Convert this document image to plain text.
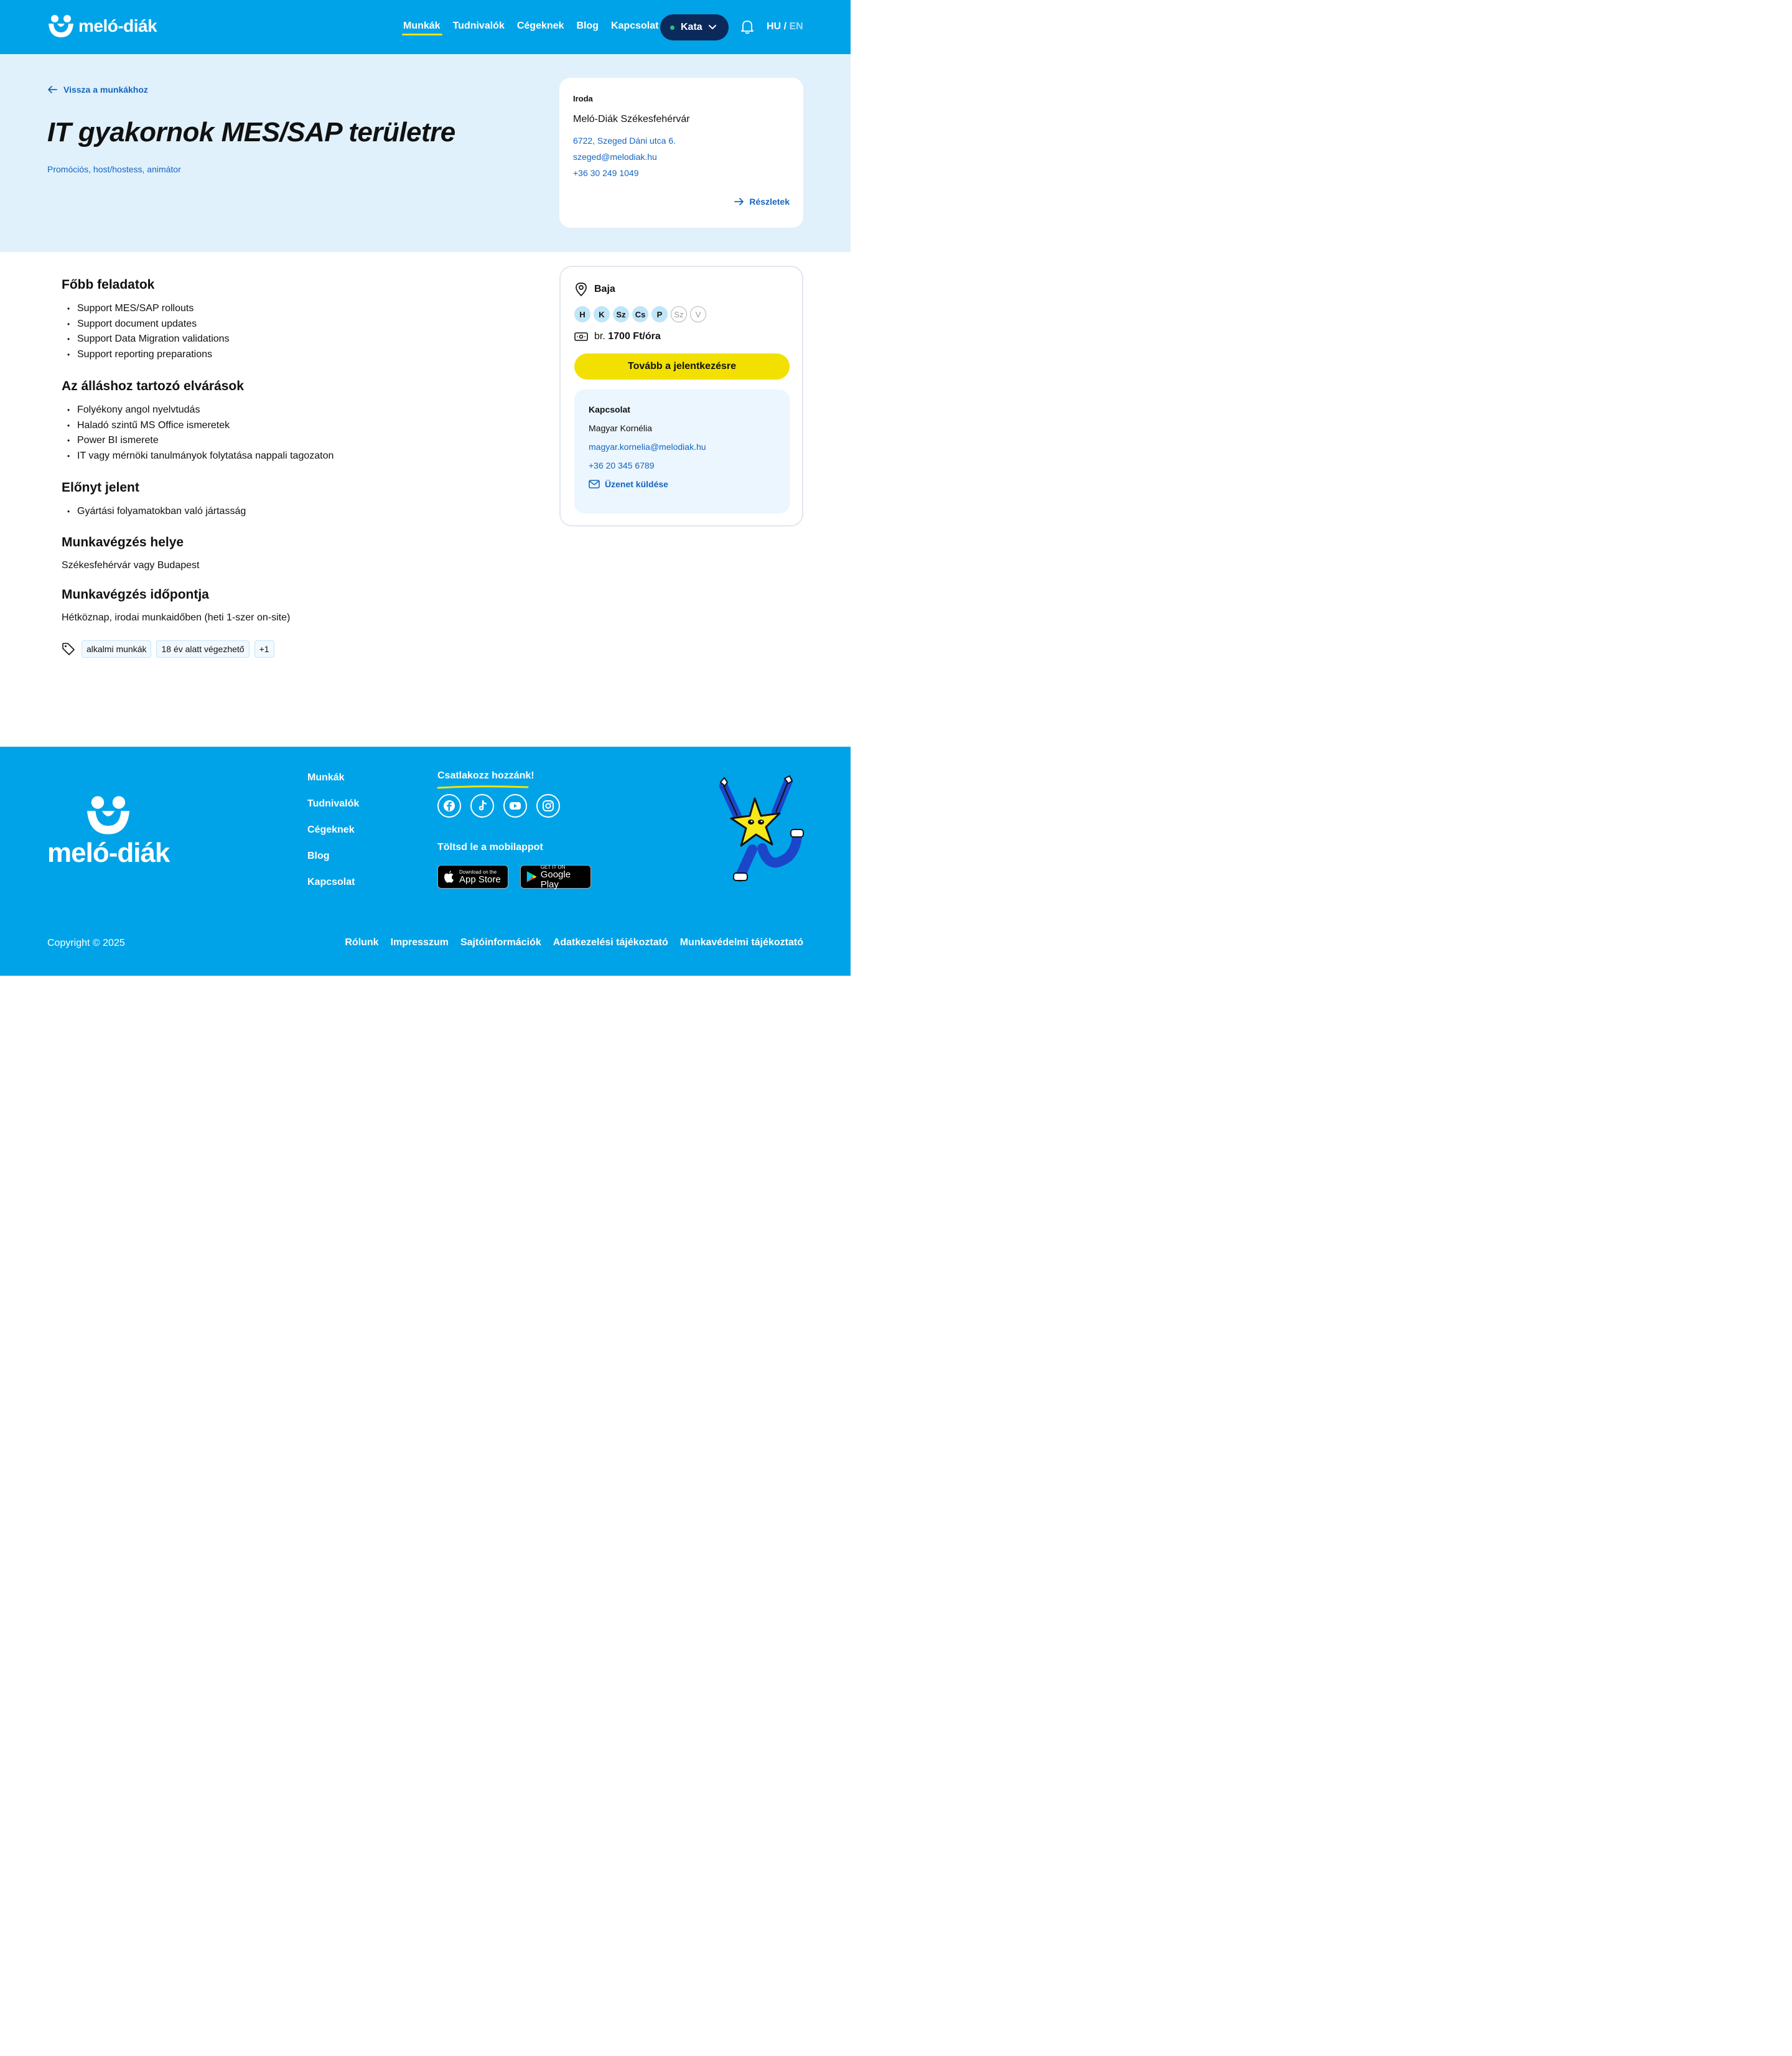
meló-diák	Munkák Tudnivalók Cégeknek Blog Kapcsolat Kata	HU / EN
Vissza a munkákhoz
IT gyakornok MES/SAP területre
Promóciós, host/hostess, animátor
Iroda
Meló-Diák Székesfehérvár
6722, Szeged Dáni utca 6.
szeged@melodiak.hu
+36 30 249 1049
Részletek
Főbb feladatok
• Support MES/SAP rollouts
• Support document updates
• Support Data Migration validations
• Support reporting preparations
Az álláshoz tartozó elvárások
• Folyékony angol nyelvtudás
• Haladó szintű MS Office ismeretek
• Power BI ismerete
• IT vagy mérnöki tanulmányok folytatása nappali tagozaton
Előnyt jelent
• Gyártási folyamatokban való jártasság
Munkavégzés helye

Székesfehérvár vagy Budapest

Munkavégzés időpontja

Hétköznap, irodai munkaidőben (heti 1-szer on-site)

alkalmi munkák	18 év alatt végezhető	+1
Baja
H	K	Sz	Cs	P	Sz	V
br. 1700 Ft/óra
Tovább a jelentkezésre
Kapcsolat
Magyar Kornélia
magyar.kornelia@melodiak.hu
+36 20 345 6789
Üzenet küldése
meló-diák
Munkák
Tudnivalók
Cégeknek
Blog
Kapcsolat
Csatlakozz hozzánk!
Töltsd le a mobilappot
Download on the
App Store
GET IT ON
Google Play
Copyright © 2025	Rólunk Impresszum Sajtóinformációk Adatkezelési tájékoztató Munkavédelmi tájékoztató
